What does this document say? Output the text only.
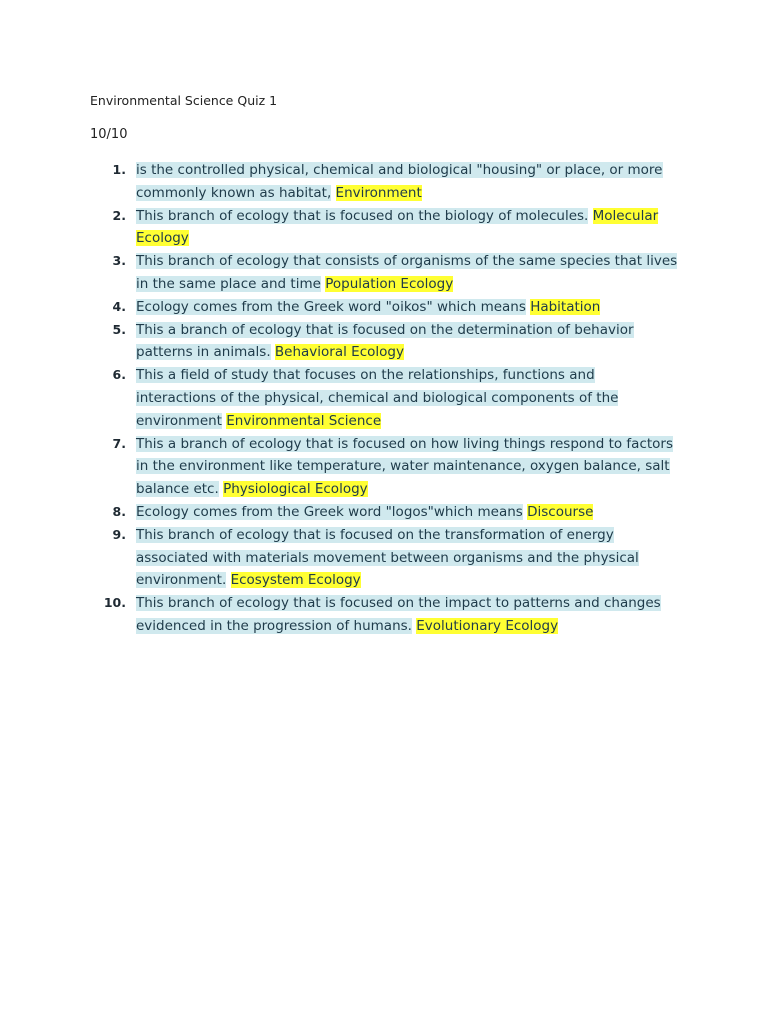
Environmental Science Quiz 1
10/10
1. is the controlled physical, chemical and biological "housing" or place, or more commonly known as habitat, Environment
2. This branch of ecology that is focused on the biology of molecules. Molecular Ecology
3. This branch of ecology that consists of organisms of the same species that lives in the same place and time Population Ecology
4. Ecology comes from the Greek word "oikos" which means Habitation
5. This a branch of ecology that is focused on the determination of behavior patterns in animals. Behavioral Ecology
6. This a field of study that focuses on the relationships, functions and interactions of the physical, chemical and biological components of the environment Environmental Science
7. This a branch of ecology that is focused on how living things respond to factors in the environment like temperature, water maintenance, oxygen balance, salt balance etc. Physiological Ecology
8. Ecology comes from the Greek word "logos"which means Discourse
9. This branch of ecology that is focused on the transformation of energy associated with materials movement between organisms and the physical environment. Ecosystem Ecology
10. This branch of ecology that is focused on the impact to patterns and changes evidenced in the progression of humans. Evolutionary Ecology
